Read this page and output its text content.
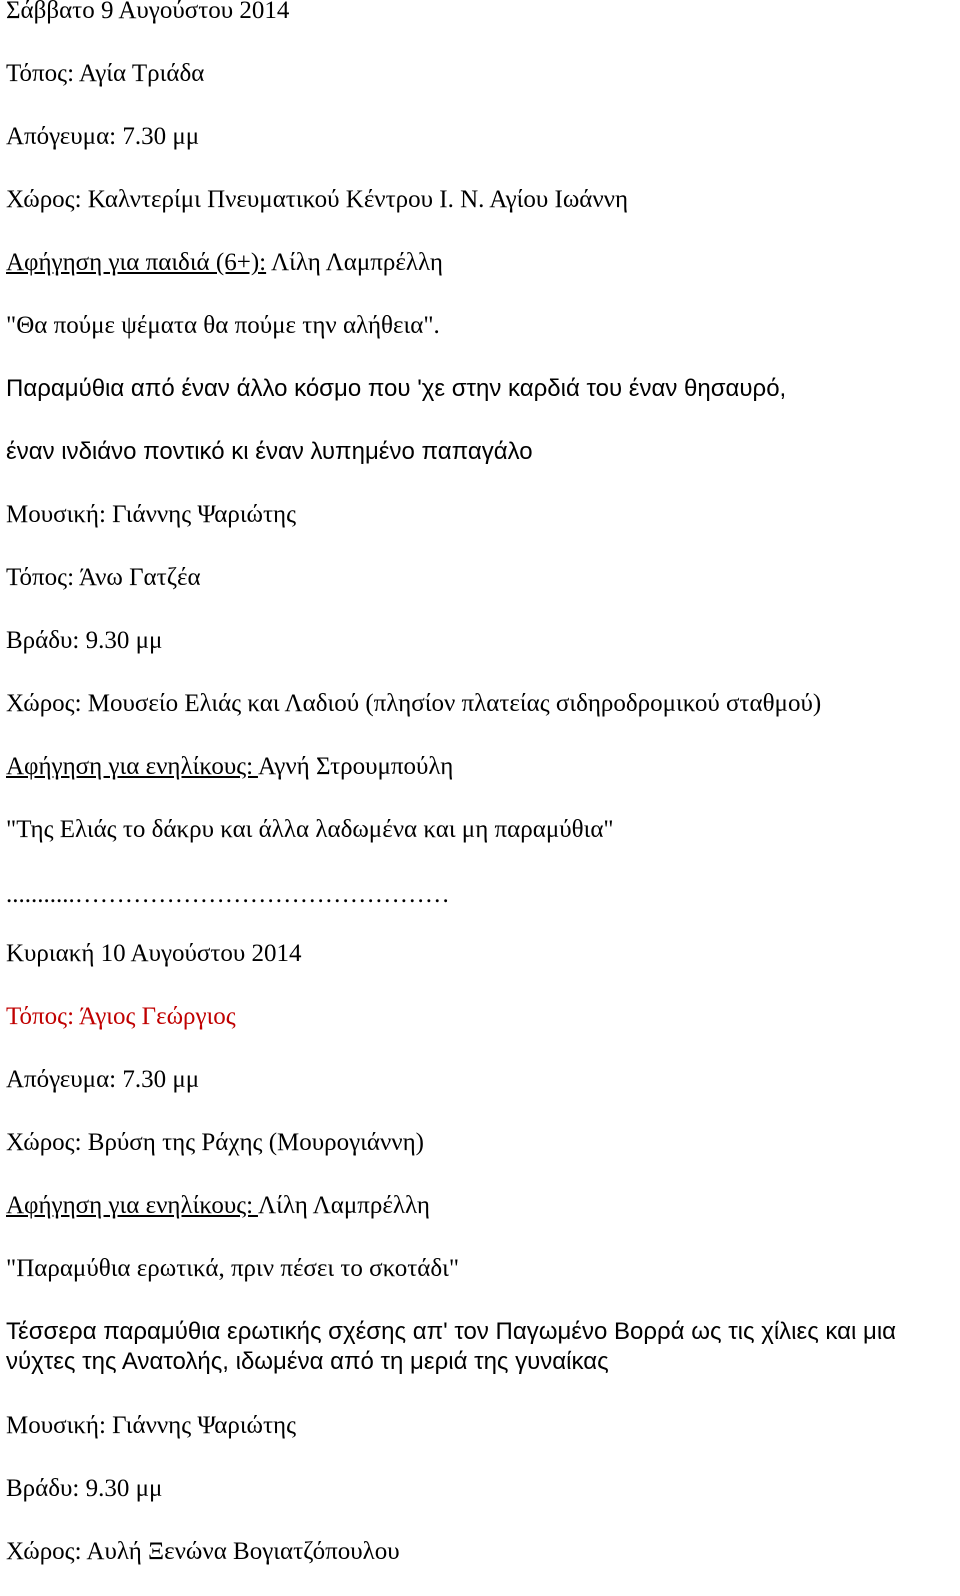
Σάββατο 9 Αυγούστου 2014
Τόπος: Αγία Τριάδα
Απόγευμα: 7.30 μμ
Χώρος: Καλντερίμι Πνευματικού Κέντρου Ι. Ν. Αγίου Ιωάννη
Αφήγηση για παιδιά (6+): Λίλη Λαμπρέλλη
"Θα πούμε ψέματα θα πούμε την αλήθεια".
Παραμύθια από έναν άλλο κόσμο που 'χε στην καρδιά του έναν θησαυρό,
έναν ινδιάνο ποντικό κι έναν λυπημένο παπαγάλο
Μουσική: Γιάννης Ψαριώτης
Τόπος: Άνω Γατζέα
Βράδυ: 9.30 μμ
Χώρος: Μουσείο Ελιάς και Λαδιού (πλησίον πλατείας σιδηροδρομικού σταθμού)
Αφήγηση για ενηλίκους: Αγνή Στρουμπούλη
"Της Ελιάς το δάκρυ και άλλα λαδωμένα και μη παραμύθια"
...........………………………………………
Κυριακή 10 Αυγούστου 2014
Τόπος: Άγιος Γεώργιος
Απόγευμα: 7.30 μμ
Χώρος: Βρύση της Ράχης (Μουρογιάννη)
Αφήγηση για ενηλίκους: Λίλη Λαμπρέλλη
"Παραμύθια ερωτικά, πριν πέσει το σκοτάδι"
Τέσσερα παραμύθια ερωτικής σχέσης απ' τον Παγωμένο Βορρά ως τις χίλιες και μια νύχτες της Ανατολής, ιδωμένα από τη μεριά της γυναίκας
Μουσική: Γιάννης Ψαριώτης
Βράδυ: 9.30 μμ
Χώρος: Αυλή Ξενώνα Βογιατζόπουλου
